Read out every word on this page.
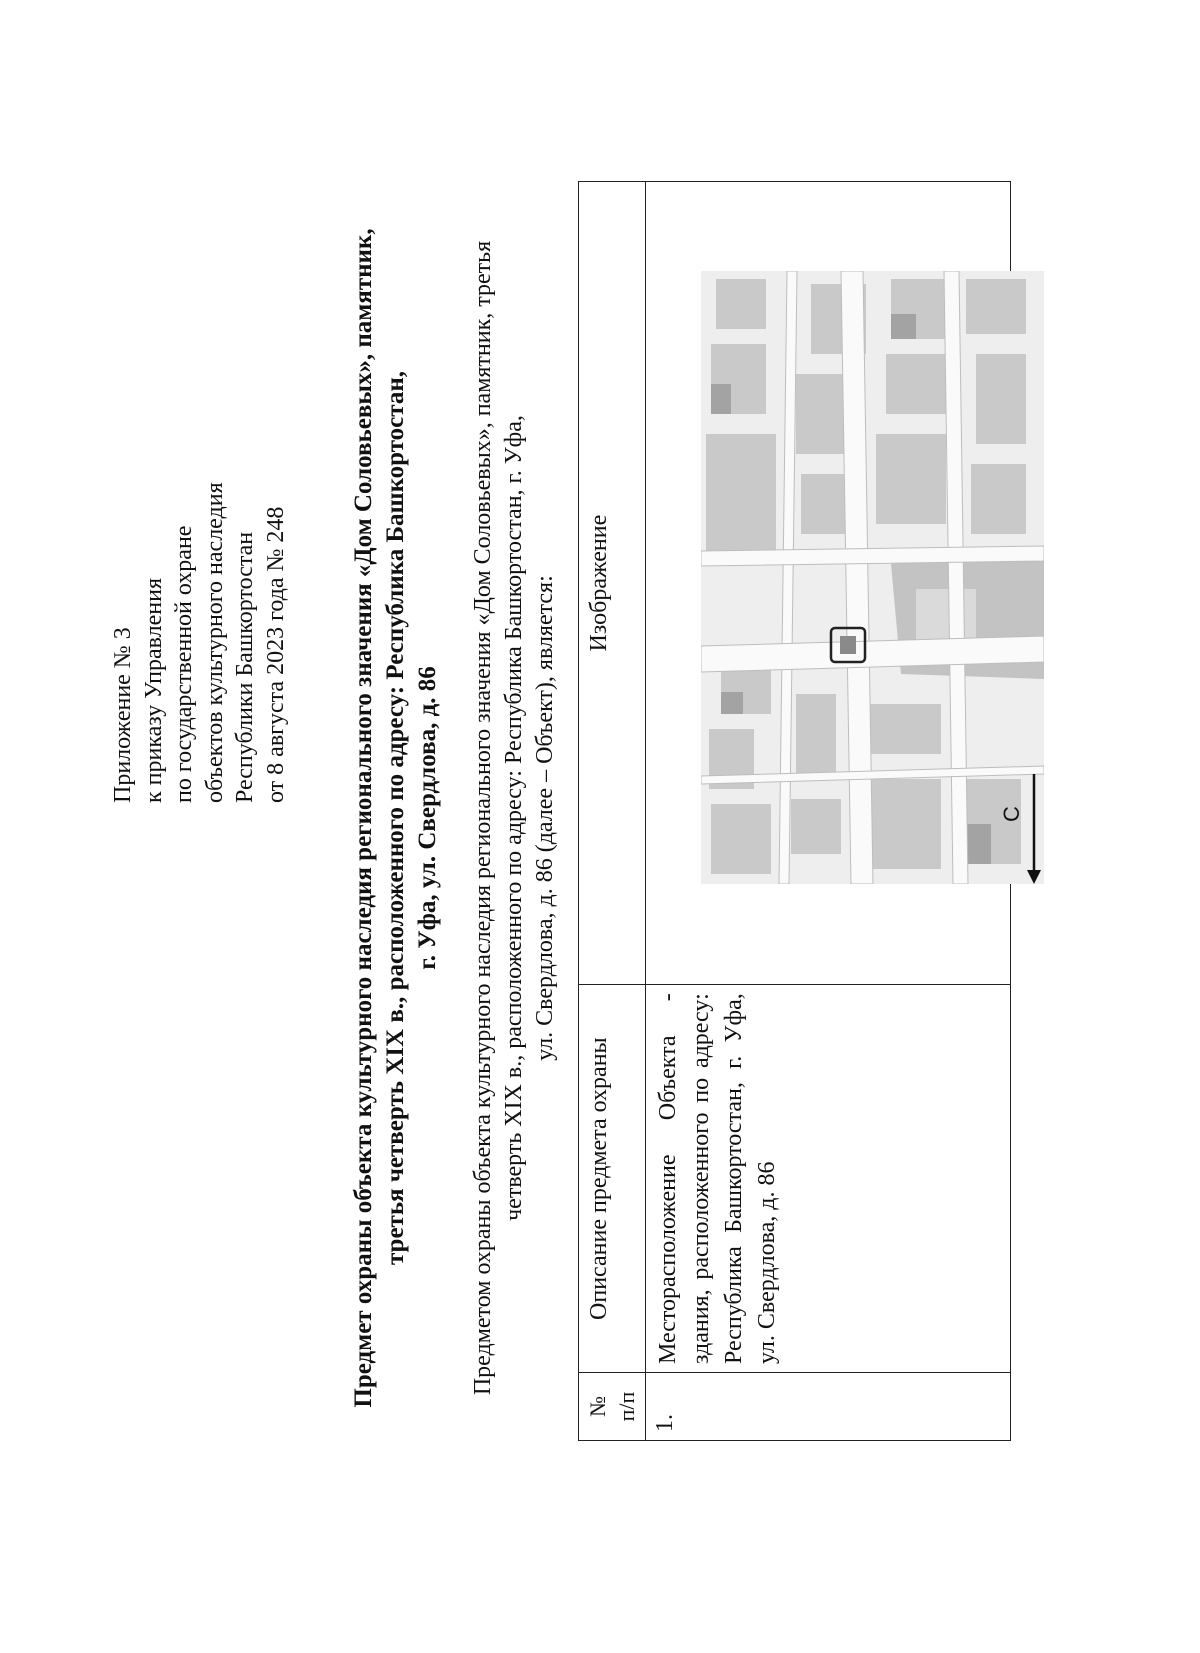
Приложение № 3 к приказу Управления по государственной охране объектов культурного наследия Республики Башкортостан от 8 августа 2023 года № 248 Предмет охраны объекта культурного наследия регионального значения «Дом Соловьевых», памятник, третья четверть XIX в., расположенного по адресу: Республика Башкортостан, г. Уфа, ул. Свердлова, д. 86 Предметом охраны объекта культурного наследия регионального значения «Дом Соловьевых», памятник, третья четверть XIX в., расположенного по адресу: Республика Башкортостан, г. Уфа, ул. Свердлова, д. 86 (далее – Объект), является:
№ п/п	Описание предмета охраны	Изображение
1.	Месторасположение Объекта - здания, расположенного по адресу: Республика Башкортостан, г. Уфа, ул. Свердлова, д. 86	С
